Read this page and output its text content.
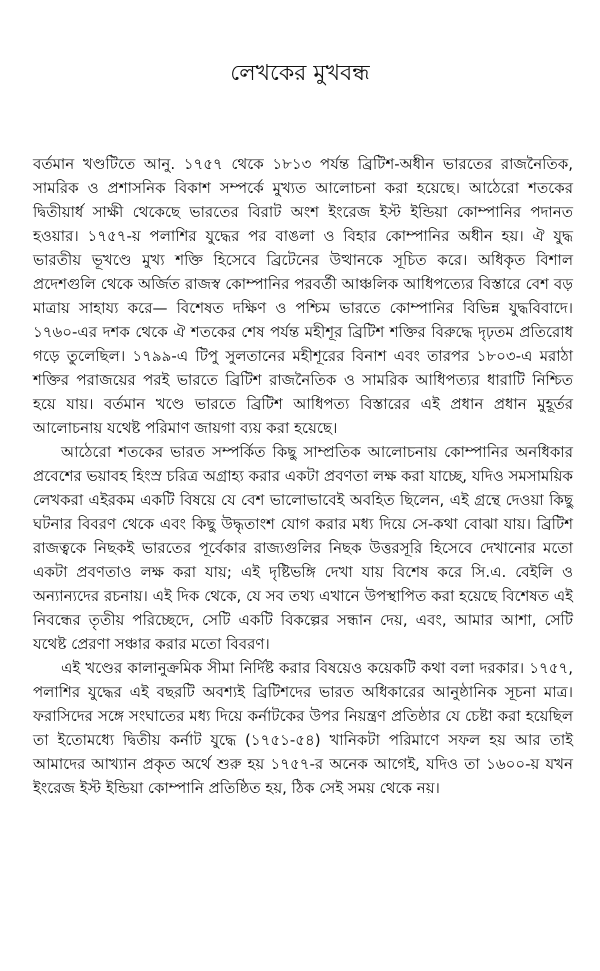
লেখকের মুখবন্ধ

বর্তমান খণ্ডটিতে আনু. ১৭৫৭ থেকে ১৮১৩ পর্যন্ত ব্রিটিশ-অধীন ভারতের রাজনৈতিক, সামরিক ও প্রশাসনিক বিকাশ সম্পর্কে মুখ্যত আলোচনা করা হয়েছে। আঠেরো শতকের দ্বিতীয়ার্ধ সাক্ষী থেকেছে ভারতের বিরাট অংশ ইংরেজ ইস্ট ইন্ডিয়া কোম্পানির পদানত হওয়ার। ১৭৫৭-য় পলাশির যুদ্ধের পর বাঙলা ও বিহার কোম্পানির অধীন হয়। ঐ যুদ্ধ ভারতীয় ভূখণ্ডে মুখ্য শক্তি হিসেবে ব্রিটেনের উত্থানকে সূচিত করে। অধিকৃত বিশাল প্রদেশগুলি থেকে অর্জিত রাজস্ব কোম্পানির পরবর্তী আঞ্চলিক আধিপত্যের বিস্তারে বেশ বড় মাত্রায় সাহায্য করে— বিশেষত দক্ষিণ ও পশ্চিম ভারতে কোম্পানির বিভিন্ন যুদ্ধবিবাদে। ১৭৬০-এর দশক থেকে ঐ শতকের শেষ পর্যন্ত মহীশূর ব্রিটিশ শক্তির বিরুদ্ধে দৃঢ়তম প্রতিরোধ গড়ে তুলেছিল। ১৭৯৯-এ টিপু সুলতানের মহীশূরের বিনাশ এবং তারপর ১৮০৩-এ মরাঠা শক্তির পরাজয়ের পরই ভারতে ব্রিটিশ রাজনৈতিক ও সামরিক আধিপত্যর ধারাটি নিশ্চিত হয়ে যায়। বর্তমান খণ্ডে ভারতে ব্রিটিশ আধিপত্য বিস্তারের এই প্রধান প্রধান মুহূর্তর আলোচনায় যথেষ্ট পরিমাণ জায়গা ব্যয় করা হয়েছে।

আঠেরো শতকের ভারত সম্পর্কিত কিছু সাম্প্রতিক আলোচনায় কোম্পানির অনধিকার প্রবেশের ভয়াবহ হিংস্র চরিত্র অগ্রাহ্য করার একটা প্রবণতা লক্ষ করা যাচ্ছে, যদিও সমসাময়িক লেখকরা এইরকম একটি বিষয়ে যে বেশ ভালোভাবেই অবহিত ছিলেন, এই গ্রন্থে দেওয়া কিছু ঘটনার বিবরণ থেকে এবং কিছু উদ্ধৃতাংশ যোগ করার মধ্য দিয়ে সে-কথা বোঝা যায়। ব্রিটিশ রাজত্বকে নিছকই ভারতের পূর্বেকার রাজ্যগুলির নিছক উত্তরসূরি হিসেবে দেখানোর মতো একটা প্রবণতাও লক্ষ করা যায়; এই দৃষ্টিভঙ্গি দেখা যায় বিশেষ করে সি.এ. বেইলি ও অন্যান্যদের রচনায়। এই দিক থেকে, যে সব তথ্য এখানে উপস্থাপিত করা হয়েছে বিশেষত এই নিবন্ধের তৃতীয় পরিচ্ছেদে, সেটি একটি বিকল্পের সন্ধান দেয়, এবং, আমার আশা, সেটি যথেষ্ট প্রেরণা সঞ্চার করার মতো বিবরণ।

এই খণ্ডের কালানুক্রমিক সীমা নির্দিষ্ট করার বিষয়েও কয়েকটি কথা বলা দরকার। ১৭৫৭, পলাশির যুদ্ধের এই বছরটি অবশ্যই ব্রিটিশদের ভারত অধিকারের আনুষ্ঠানিক সূচনা মাত্র। ফরাসিদের সঙ্গে সংঘাতের মধ্য দিয়ে কর্নাটকের উপর নিয়ন্ত্রণ প্রতিষ্ঠার যে চেষ্টা করা হয়েছিল তা ইতোমধ্যে দ্বিতীয় কর্নাট যুদ্ধে (১৭৫১-৫৪) খানিকটা পরিমাণে সফল হয় আর তাই আমাদের আখ্যান প্রকৃত অর্থে শুরু হয় ১৭৫৭-র অনেক আগেই, যদিও তা ১৬০০-য় যখন ইংরেজ ইস্ট ইন্ডিয়া কোম্পানি প্রতিষ্ঠিত হয়, ঠিক সেই সময় থেকে নয়।
